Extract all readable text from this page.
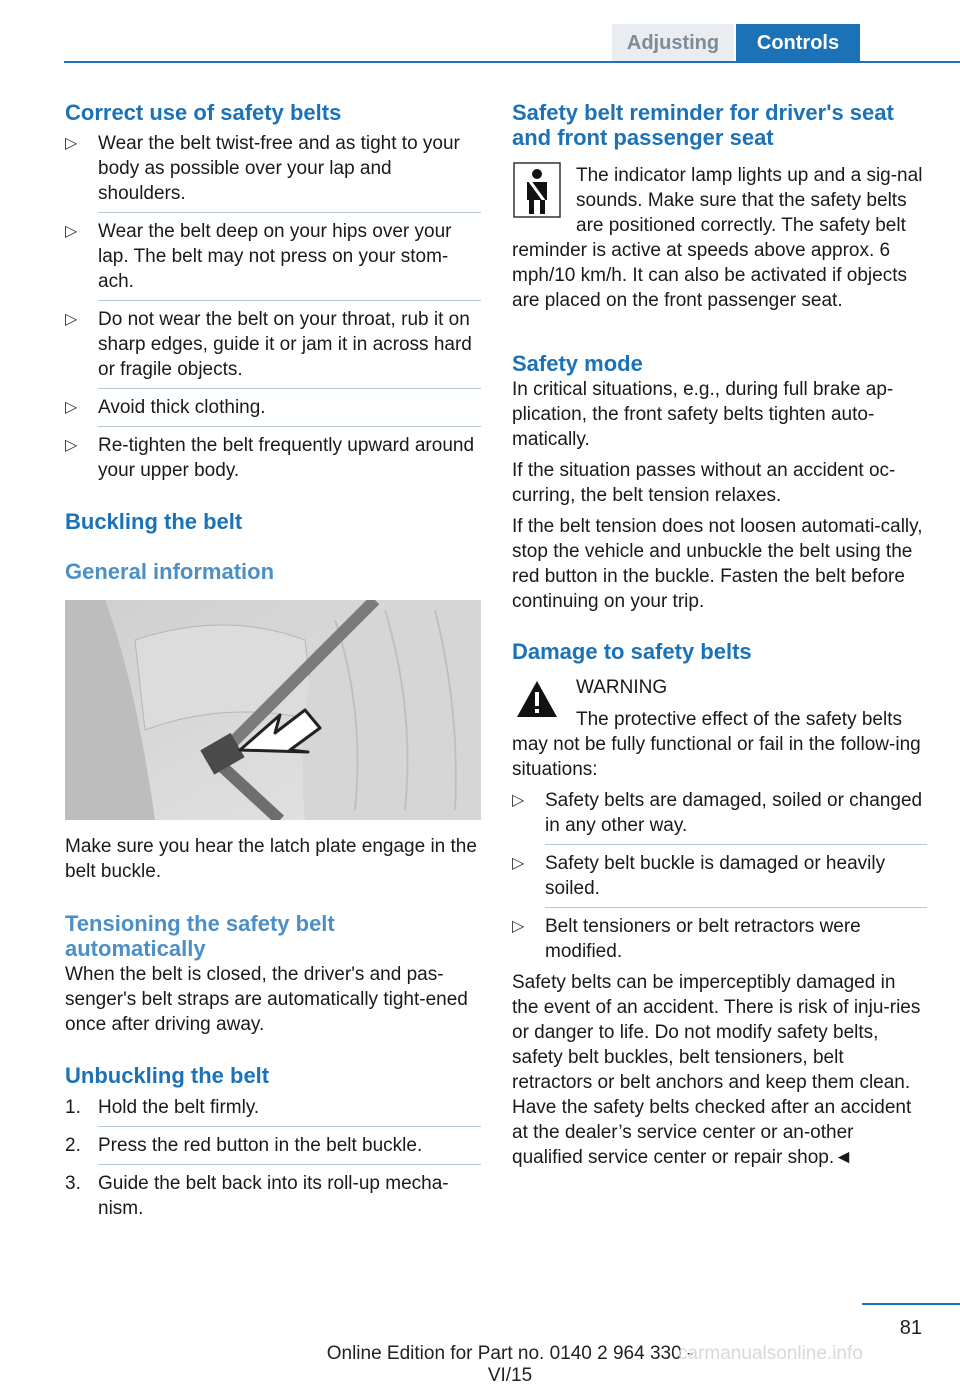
Adjusting	Controls
Correct use of safety belts
▷ Wear the belt twist-free and as tight to your body as possible over your lap and shoulders.
▷ Wear the belt deep on your hips over your lap. The belt may not press on your stom-ach.
▷ Do not wear the belt on your throat, rub it on sharp edges, guide it or jam it in across hard or fragile objects.
▷ Avoid thick clothing.
▷ Re-tighten the belt frequently upward around your upper body.
Buckling the belt
General information

Make sure you hear the latch plate engage in the belt buckle.

Tensioning the safety belt automatically

When the belt is closed, the driver's and pas-senger's belt straps are automatically tight-ened once after driving away.

Unbuckling the belt
1. Hold the belt firmly.
2. Press the red button in the belt buckle.
3. Guide the belt back into its roll-up mecha-nism.
Safety belt reminder for driver's seat and front passenger seat

The indicator lamp lights up and a sig-nal sounds. Make sure that the safety belts are positioned correctly. The safety belt reminder is active at speeds above approx. 6 mph/10 km/h. It can also be activated if objects are placed on the front passenger seat.

Safety mode

In critical situations, e.g., during full brake ap-plication, the front safety belts tighten auto-matically.

If the situation passes without an accident oc-curring, the belt tension relaxes.

If the belt tension does not loosen automati-cally, stop the vehicle and unbuckle the belt using the red button in the buckle. Fasten the belt before continuing on your trip.

Damage to safety belts

WARNING

The protective effect of the safety belts may not be fully functional or fail in the follow-ing situations:

▷ Safety belts are damaged, soiled or changed in any other way.
▷ Safety belt buckle is damaged or heavily soiled.
▷ Belt tensioners or belt retractors were modified.

Safety belts can be imperceptibly damaged in the event of an accident. There is risk of inju-ries or danger to life. Do not modify safety belts, safety belt buckles, belt tensioners, belt retractors or belt anchors and keep them clean. Have the safety belts checked after an accident at the dealer’s service center or an-other qualified service center or repair shop.◄

81
Online Edition for Part no. 0140 2 964 330 - VI/15
carmanualsonline.info
